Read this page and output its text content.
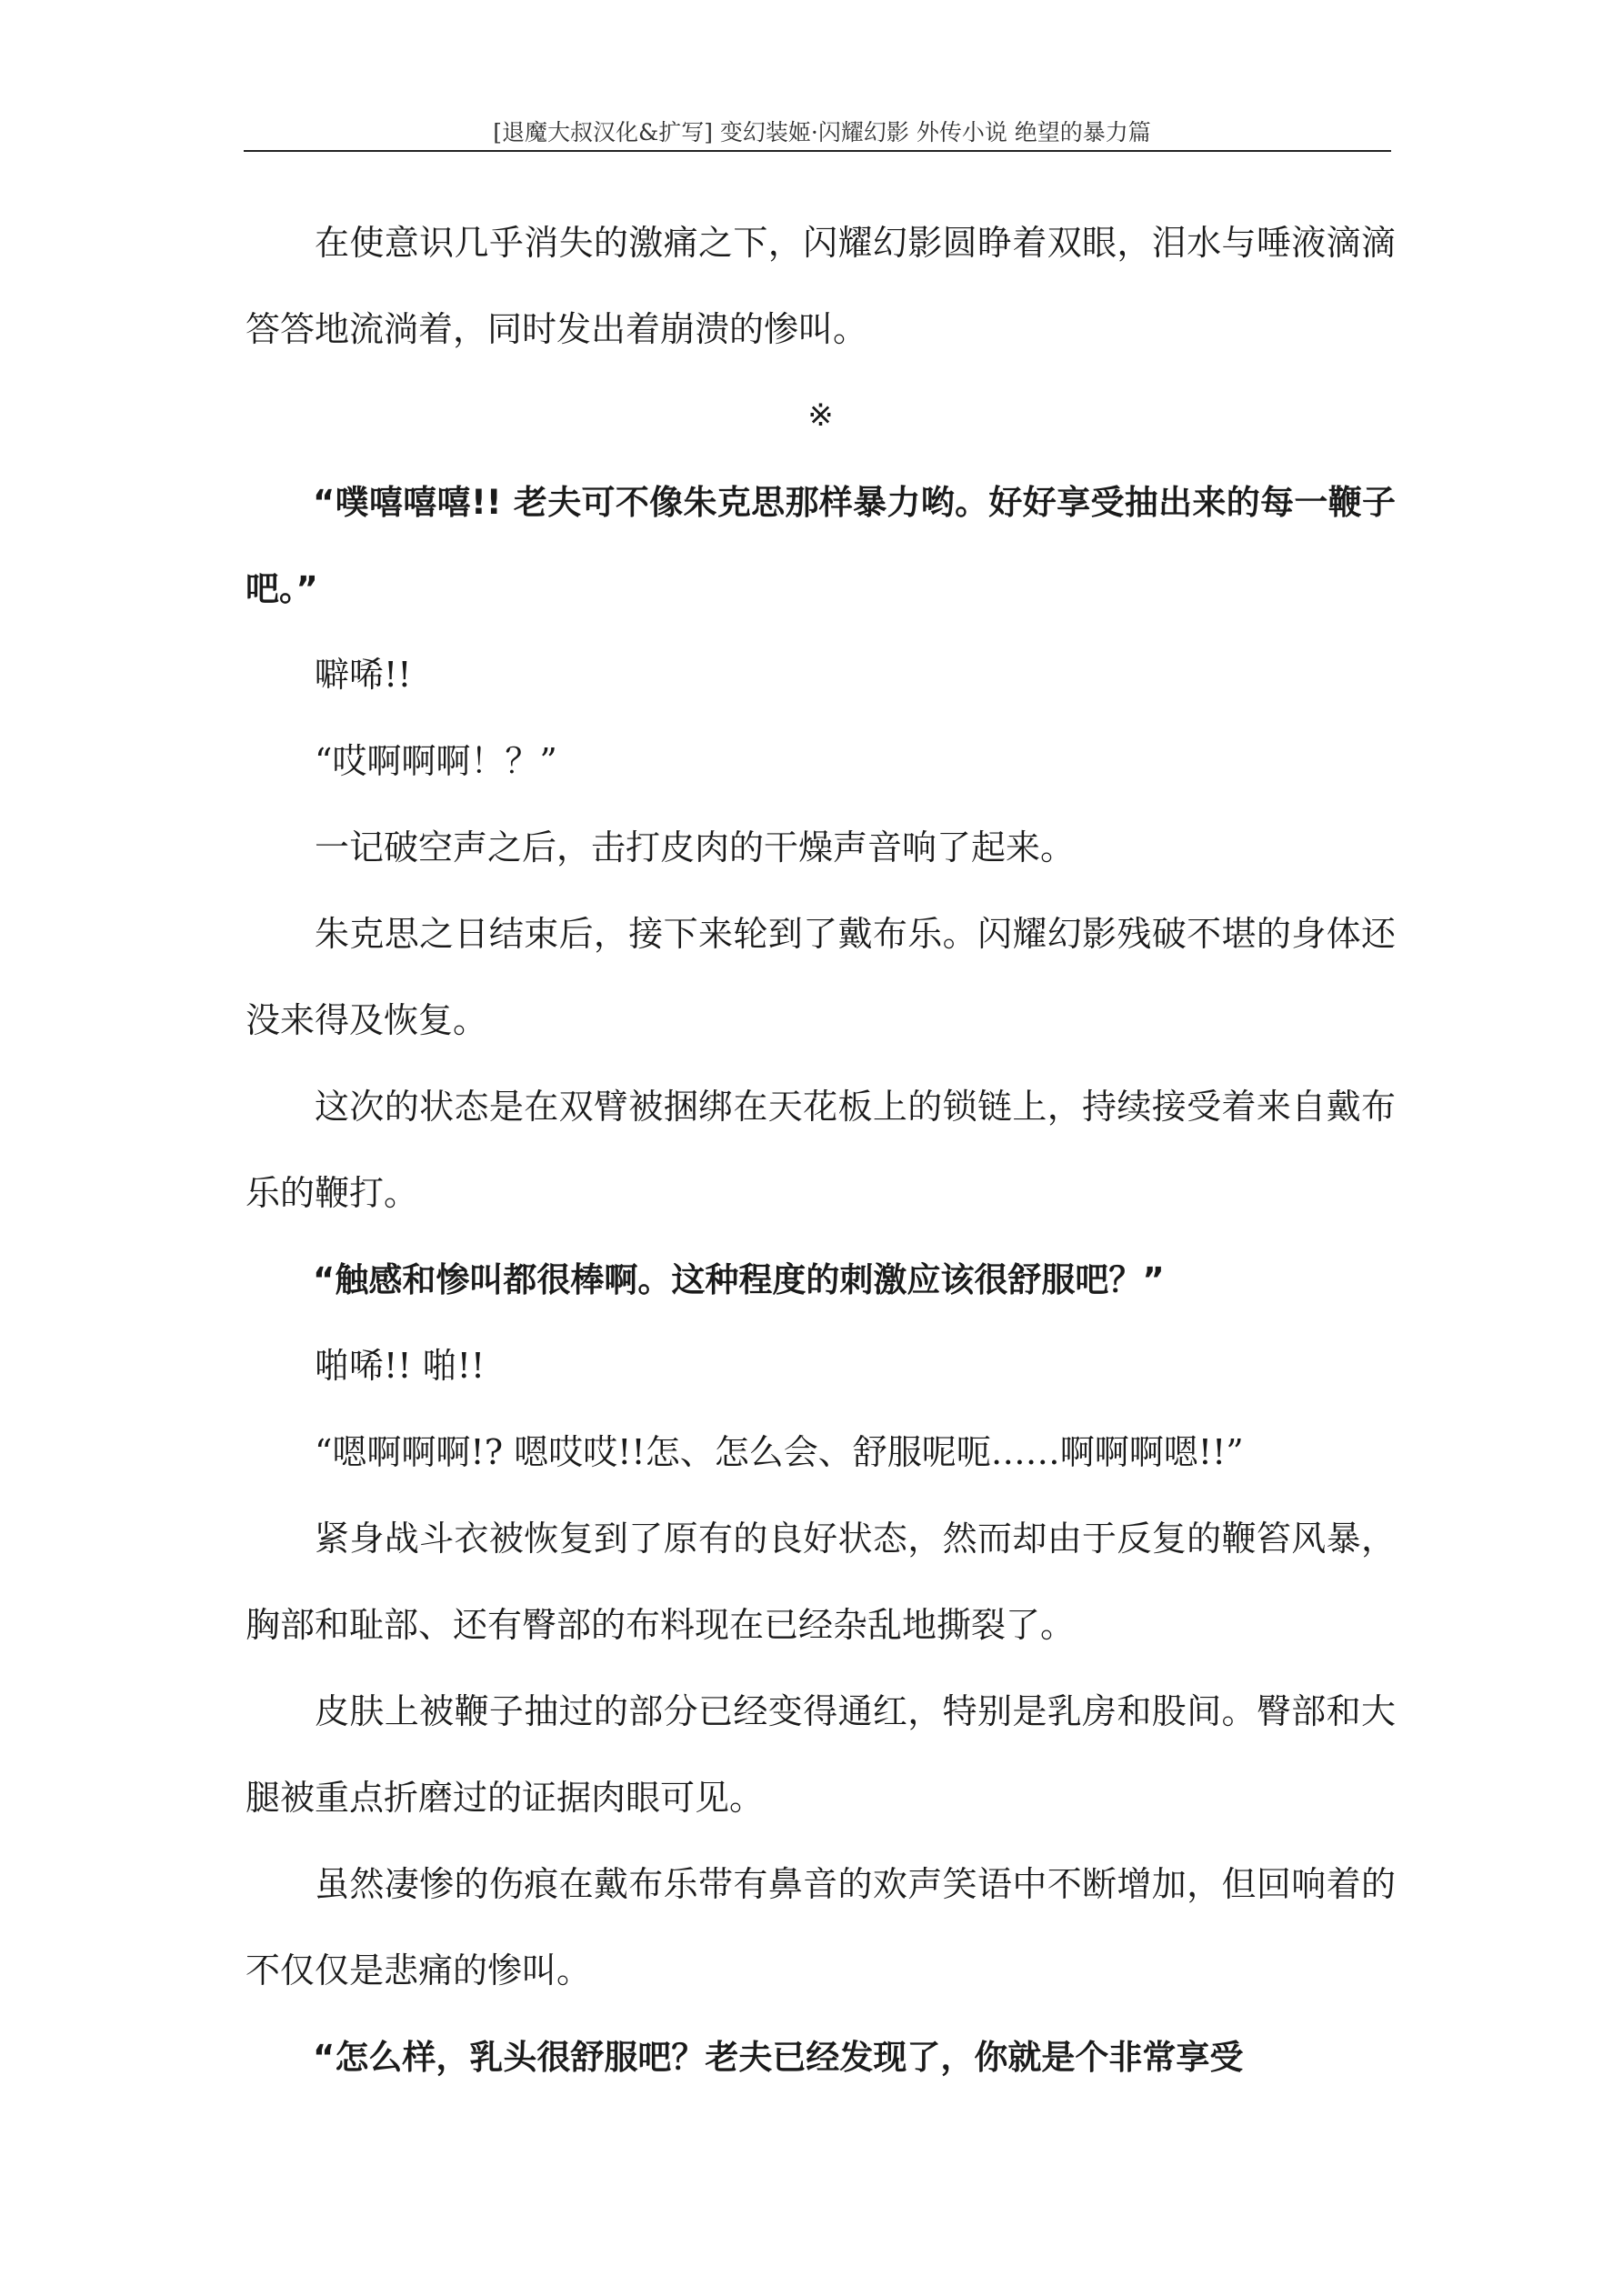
[退魔大叔汉化&扩写] 变幻装姬·闪耀幻影 外传小说 绝望的暴力篇

在使意识几乎消失的激痛之下，闪耀幻影圆睁着双眼，泪水与唾液滴滴答答地流淌着，同时发出着崩溃的惨叫。

※

“噗嘻嘻嘻!! 老夫可不像朱克思那样暴力哟。好好享受抽出来的每一鞭子吧。”

噼唏!!

“哎啊啊啊！？”

一记破空声之后，击打皮肉的干燥声音响了起来。

朱克思之日结束后，接下来轮到了戴布乐。闪耀幻影残破不堪的身体还没来得及恢复。

这次的状态是在双臂被捆绑在天花板上的锁链上，持续接受着来自戴布乐的鞭打。

“触感和惨叫都很棒啊。这种程度的刺激应该很舒服吧？”

啪唏!! 啪!!

“嗯啊啊啊!? 嗯哎哎!!怎、怎么会、舒服呢呃……啊啊啊嗯!!”

紧身战斗衣被恢复到了原有的良好状态，然而却由于反复的鞭笞风暴，胸部和耻部、还有臀部的布料现在已经杂乱地撕裂了。

皮肤上被鞭子抽过的部分已经变得通红，特别是乳房和股间。臀部和大腿被重点折磨过的证据肉眼可见。

虽然凄惨的伤痕在戴布乐带有鼻音的欢声笑语中不断增加，但回响着的不仅仅是悲痛的惨叫。

“怎么样，乳头很舒服吧？老夫已经发现了，你就是个非常享受
